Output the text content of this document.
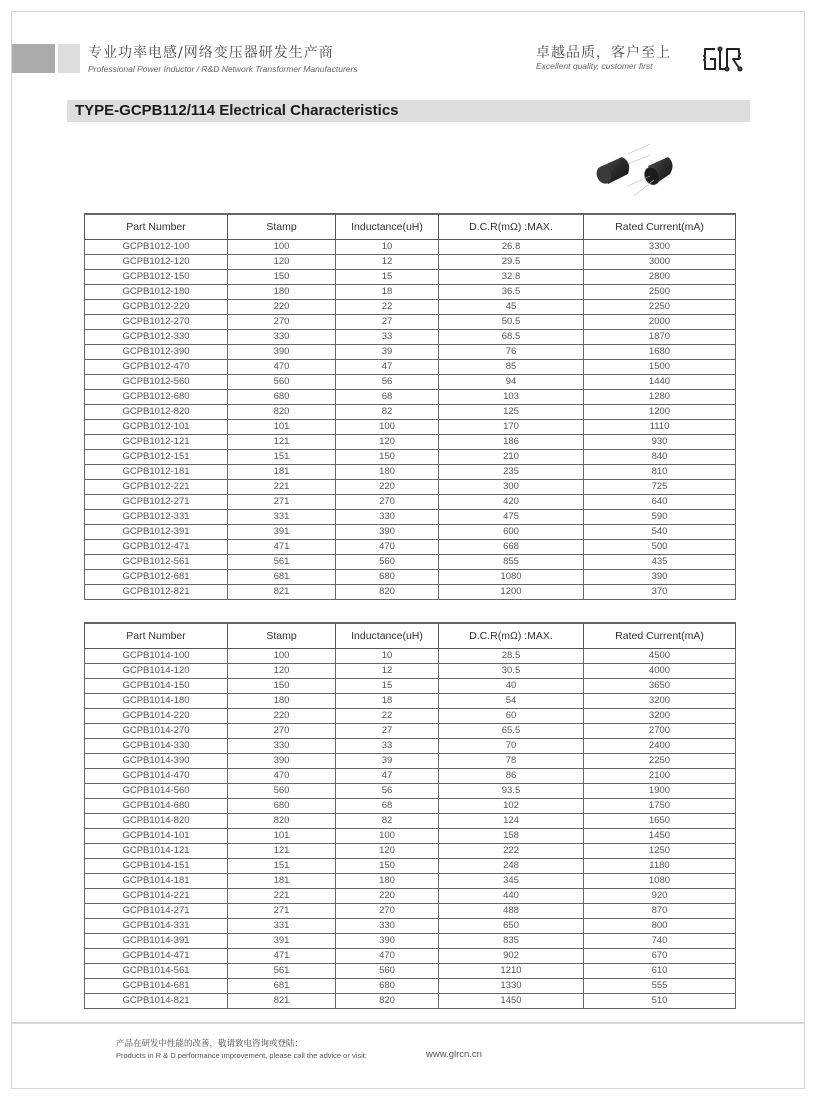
专业功率电感/网络变压器研发生产商
Professional Power Inductor / R&D Network Transformer Manufacturers
卓越品质，客户至上
Excellent quality, customer first
TYPE-GCPB112/114 Electrical Characteristics
Part Number	Stamp	Inductance(uH)	D.C.R(mΩ) :MAX.	Rated Current(mA)
GCPB1012-100	100	10	26.8	3300
GCPB1012-120	120	12	29.5	3000
GCPB1012-150	150	15	32.8	2800
GCPB1012-180	180	18	36.5	2500
GCPB1012-220	220	22	45	2250
GCPB1012-270	270	27	50.5	2000
GCPB1012-330	330	33	68.5	1870
GCPB1012-390	390	39	76	1680
GCPB1012-470	470	47	85	1500
GCPB1012-560	560	56	94	1440
GCPB1012-680	680	68	103	1280
GCPB1012-820	820	82	125	1200
GCPB1012-101	101	100	170	1110
GCPB1012-121	121	120	186	930
GCPB1012-151	151	150	210	840
GCPB1012-181	181	180	235	810
GCPB1012-221	221	220	300	725
GCPB1012-271	271	270	420	640
GCPB1012-331	331	330	475	590
GCPB1012-391	391	390	600	540
GCPB1012-471	471	470	668	500
GCPB1012-561	561	560	855	435
GCPB1012-681	681	680	1080	390
GCPB1012-821	821	820	1200	370
Part Number	Stamp	Inductance(uH)	D.C.R(mΩ) :MAX.	Rated Current(mA)
GCPB1014-100	100	10	28.5	4500
GCPB1014-120	120	12	30.5	4000
GCPB1014-150	150	15	40	3650
GCPB1014-180	180	18	54	3200
GCPB1014-220	220	22	60	3200
GCPB1014-270	270	27	65.5	2700
GCPB1014-330	330	33	70	2400
GCPB1014-390	390	39	78	2250
GCPB1014-470	470	47	86	2100
GCPB1014-560	560	56	93.5	1900
GCPB1014-680	680	68	102	1750
GCPB1014-820	820	82	124	1650
GCPB1014-101	101	100	158	1450
GCPB1014-121	121	120	222	1250
GCPB1014-151	151	150	248	1180
GCPB1014-181	181	180	345	1080
GCPB1014-221	221	220	440	920
GCPB1014-271	271	270	488	870
GCPB1014-331	331	330	650	800
GCPB1014-391	391	390	835	740
GCPB1014-471	471	470	902	670
GCPB1014-561	561	560	1210	610
GCPB1014-681	681	680	1330	555
GCPB1014-821	821	820	1450	510
产品在研发中性能的改善，敬请致电咨询或登陆：
Products in R & D performance improvement, please call the advice or visit:	www.glrcn.cn
